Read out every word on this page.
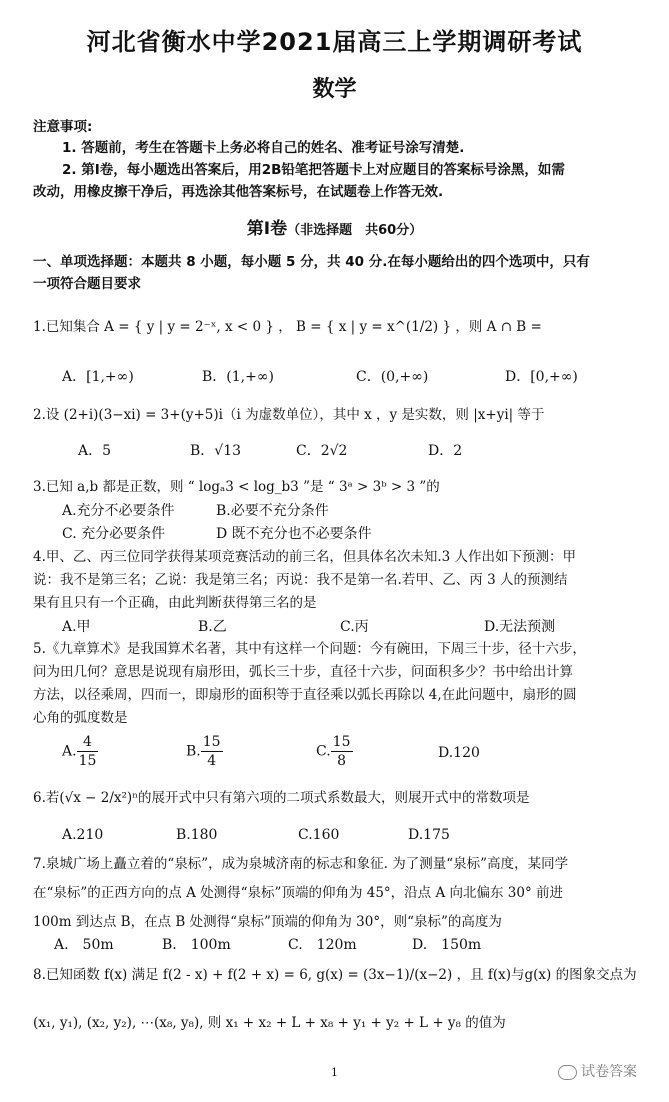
河北省衡水中学2021届高三上学期调研考试
数学
注意事项:
1. 答题前，考生在答题卡上务必将自己的姓名、准考证号涂写清楚.
2. 第Ⅰ卷，每小题选出答案后，用2B铅笔把答题卡上对应题目的答案标号涂黑，如需
改动，用橡皮擦干净后，再选涂其他答案标号，在试题卷上作答无效.
第Ⅰ卷（非选择题　共60分）
一、单项选择题：本题共 8 小题，每小题 5 分，共 40 分.在每小题给出的四个选项中，只有
一项符合题目要求
1.已知集合 A = { y | y = 2⁻ˣ, x < 0 } ， B = { x | y = x^(1/2) } ，则 A ∩ B =
A．[1,+∞)	B．(1,+∞)	C．(0,+∞)	D．[0,+∞)
2.设 (2+i)(3−xi) = 3+(y+5)i（i 为虚数单位），其中 x ，y 是实数，则 |x+yi| 等于
A．5	B．√13	C．2√2	D．2
3.已知 a,b 都是正数，则 “ logₐ3 < log_b3 ”是 “ 3ᵃ > 3ᵇ > 3 ”的
A.充分不必要条件	B.必要不充分条件
C. 充分必要条件	D 既不充分也不必要条件
4.甲、乙、丙三位同学获得某项竞赛活动的前三名，但具体名次未知.3 人作出如下预测：甲
说：我不是第三名；乙说：我是第三名；丙说：我不是第一名.若甲、乙、丙 3 人的预测结
果有且只有一个正确，由此判断获得第三名的是
A.甲	B.乙	C.丙	D.无法预测
5.《九章算术》是我国算术名著，其中有这样一个问题：今有碗田，下周三十步，径十六步，
问为田几何？意思是说现有扇形田，弧长三十步，直径十六步，问面积多少？书中给出计算
方法，以径乘周，四而一，即扇形的面积等于直径乘以弧长再除以 4,在此问题中，扇形的圆
心角的弧度数是
A. $\frac{4}{15}$	B. $\frac{15}{4}$	C. $\frac{15}{8}$	D.120
6.若(√x − 2/x²)ⁿ的展开式中只有第六项的二项式系数最大，则展开式中的常数项是
A.210	B.180	C.160	D.175
7.泉城广场上矗立着的“泉标”，成为泉城济南的标志和象征. 为了测量“泉标”高度，某同学
在“泉标”的正西方向的点 A 处测得“泉标”顶端的仰角为 45°，沿点 A 向北偏东 30° 前进
100m 到达点 B，在点 B 处测得“泉标”顶端的仰角为 30°，则“泉标”的高度为
A.　50m	B.　100m	C.　120m	D.　150m
8.已知函数 f(x) 满足 f(2 - x) + f(2 + x) = 6, g(x) = (3x−1)/(x−2) ，且 f(x)与g(x) 的图象交点为
(x₁, y₁), (x₂, y₂), ⋯(x₈, y₈), 则 x₁ + x₂ + L + x₈ + y₁ + y₂ + L + y₈ 的值为
1	试卷答案
